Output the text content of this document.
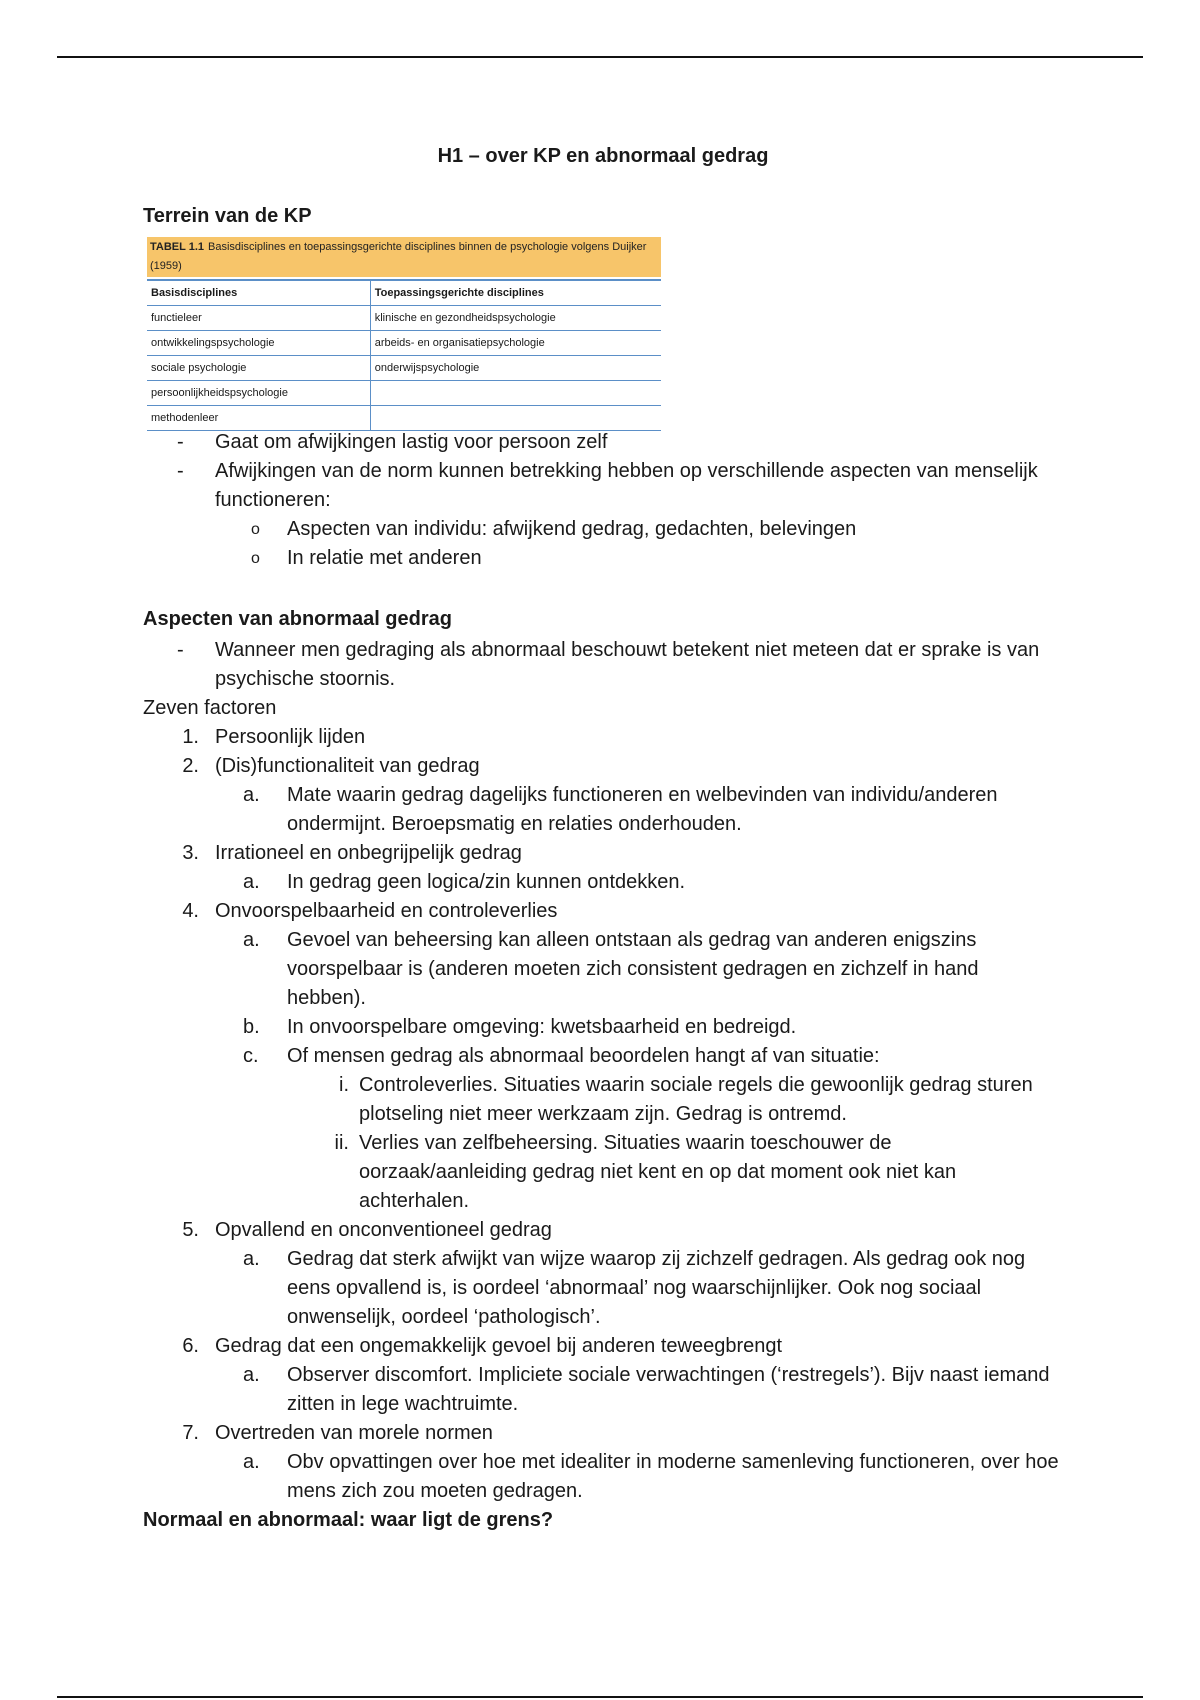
H1 – over KP en abnormaal gedrag
Terrein van de KP
TABEL 1.1 Basisdisciplines en toepassingsgerichte disciplines binnen de psychologie volgens Duijker (1959)
Basisdisciplines	Toepassingsgerichte disciplines
functieleer	klinische en gezondheidspsychologie
ontwikkelingspsychologie	arbeids- en organisatiepsychologie
sociale psychologie	onderwijspsychologie
persoonlijkheidspsychologie	
methodenleer	
-	Gaat om afwijkingen lastig voor persoon zelf
-	Afwijkingen van de norm kunnen betrekking hebben op verschillende aspecten van menselijk functioneren:
o	Aspecten van individu: afwijkend gedrag, gedachten, belevingen
o	In relatie met anderen
Aspecten van abnormaal gedrag
-	Wanneer men gedraging als abnormaal beschouwt betekent niet meteen dat er sprake is van psychische stoornis.
Zeven factoren
1. Persoonlijk lijden
2. (Dis)functionaliteit van gedrag
a.	Mate waarin gedrag dagelijks functioneren en welbevinden van individu/anderen ondermijnt. Beroepsmatig en relaties onderhouden.
3. Irrationeel en onbegrijpelijk gedrag
a.	In gedrag geen logica/zin kunnen ontdekken.
4. Onvoorspelbaarheid en controleverlies
a.	Gevoel van beheersing kan alleen ontstaan als gedrag van anderen enigszins voorspelbaar is (anderen moeten zich consistent gedragen en zichzelf in hand hebben).
b.	In onvoorspelbare omgeving: kwetsbaarheid en bedreigd.
c.	Of mensen gedrag als abnormaal beoordelen hangt af van situatie:
i. Controleverlies. Situaties waarin sociale regels die gewoonlijk gedrag sturen plotseling niet meer werkzaam zijn. Gedrag is ontremd.
ii. Verlies van zelfbeheersing. Situaties waarin toeschouwer de oorzaak/aanleiding gedrag niet kent en op dat moment ook niet kan achterhalen.
5. Opvallend en onconventioneel gedrag
a.	Gedrag dat sterk afwijkt van wijze waarop zij zichzelf gedragen. Als gedrag ook nog eens opvallend is, is oordeel ‘abnormaal’ nog waarschijnlijker. Ook nog sociaal onwenselijk, oordeel ‘pathologisch’.
6. Gedrag dat een ongemakkelijk gevoel bij anderen teweegbrengt
a.	Observer discomfort. Impliciete sociale verwachtingen (‘restregels’). Bijv naast iemand zitten in lege wachtruimte.
7. Overtreden van morele normen
a.	Obv opvattingen over hoe met idealiter in moderne samenleving functioneren, over hoe mens zich zou moeten gedragen.
Normaal en abnormaal: waar ligt de grens?
